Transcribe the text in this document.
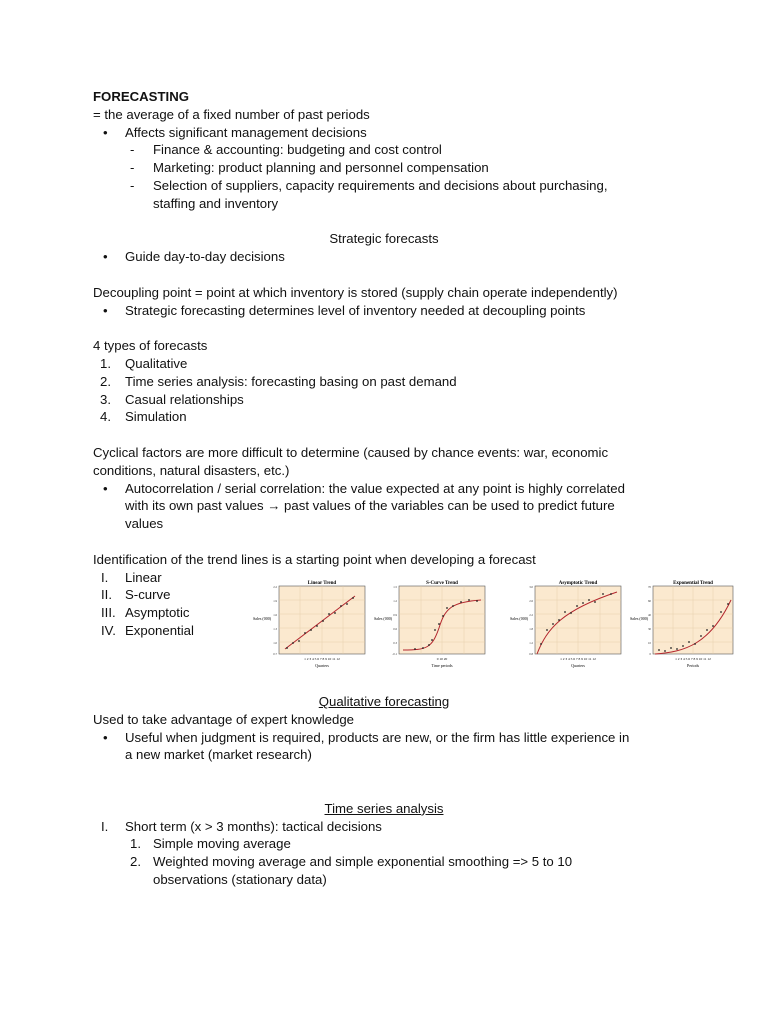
FORECASTING
= the average of a fixed number of past periods
• Affects significant management decisions
- Finance & accounting: budgeting and cost control
- Marketing: product planning and personnel compensation
- Selection of suppliers, capacity requirements and decisions about purchasing,
staffing and inventory
Strategic forecasts
• Guide day-to-day decisions
Decoupling point = point at which inventory is stored (supply chain operate independently)
• Strategic forecasting determines level of inventory needed at decoupling points
4 types of forecasts
1. Qualitative
2. Time series analysis: forecasting basing on past demand
3. Casual relationships
4. Simulation
Cyclical factors are more difficult to determine (caused by chance events: war, economic
conditions, natural disasters, etc.)
• Autocorrelation / serial correlation: the value expected at any point is highly correlated
with its own past values → past values of the variables can be used to predict future
values
Identification of the trend lines is a starting point when developing a forecast
I. Linear
II. S-curve
III. Asymptotic
IV. Exponential
Qualitative forecasting
Used to take advantage of expert knowledge
• Useful when judgment is required, products are new, or the firm has little experience in
a new market (market research)
Time series analysis
I. Short term (x > 3 months): tactical decisions
1. Simple moving average
2. Weighted moving average and simple exponential smoothing => 5 to 10
observations (stationary data)
Linear Trend
Sales (000)
Quarters
1 2 3 4 5 6 7 8 9 10 11 12
2.2
1.9
1.6
1.3
1.0
0.7
S-Curve Trend
Sales (000)
Time periods
0 10 20
1.5
1.2
0.9
0.6
0.3
-0.1
Asymptotic Trend
Sales (000)
Quarters
1 2 3 4 5 6 7 8 9 10 11 12
3.0
2.6
2.2
1.8
1.2
0.8
Exponential Trend
Sales (000)
Periods
1 2 3 4 5 6 7 8 9 10 11 12
70
60
40
30
10
0
